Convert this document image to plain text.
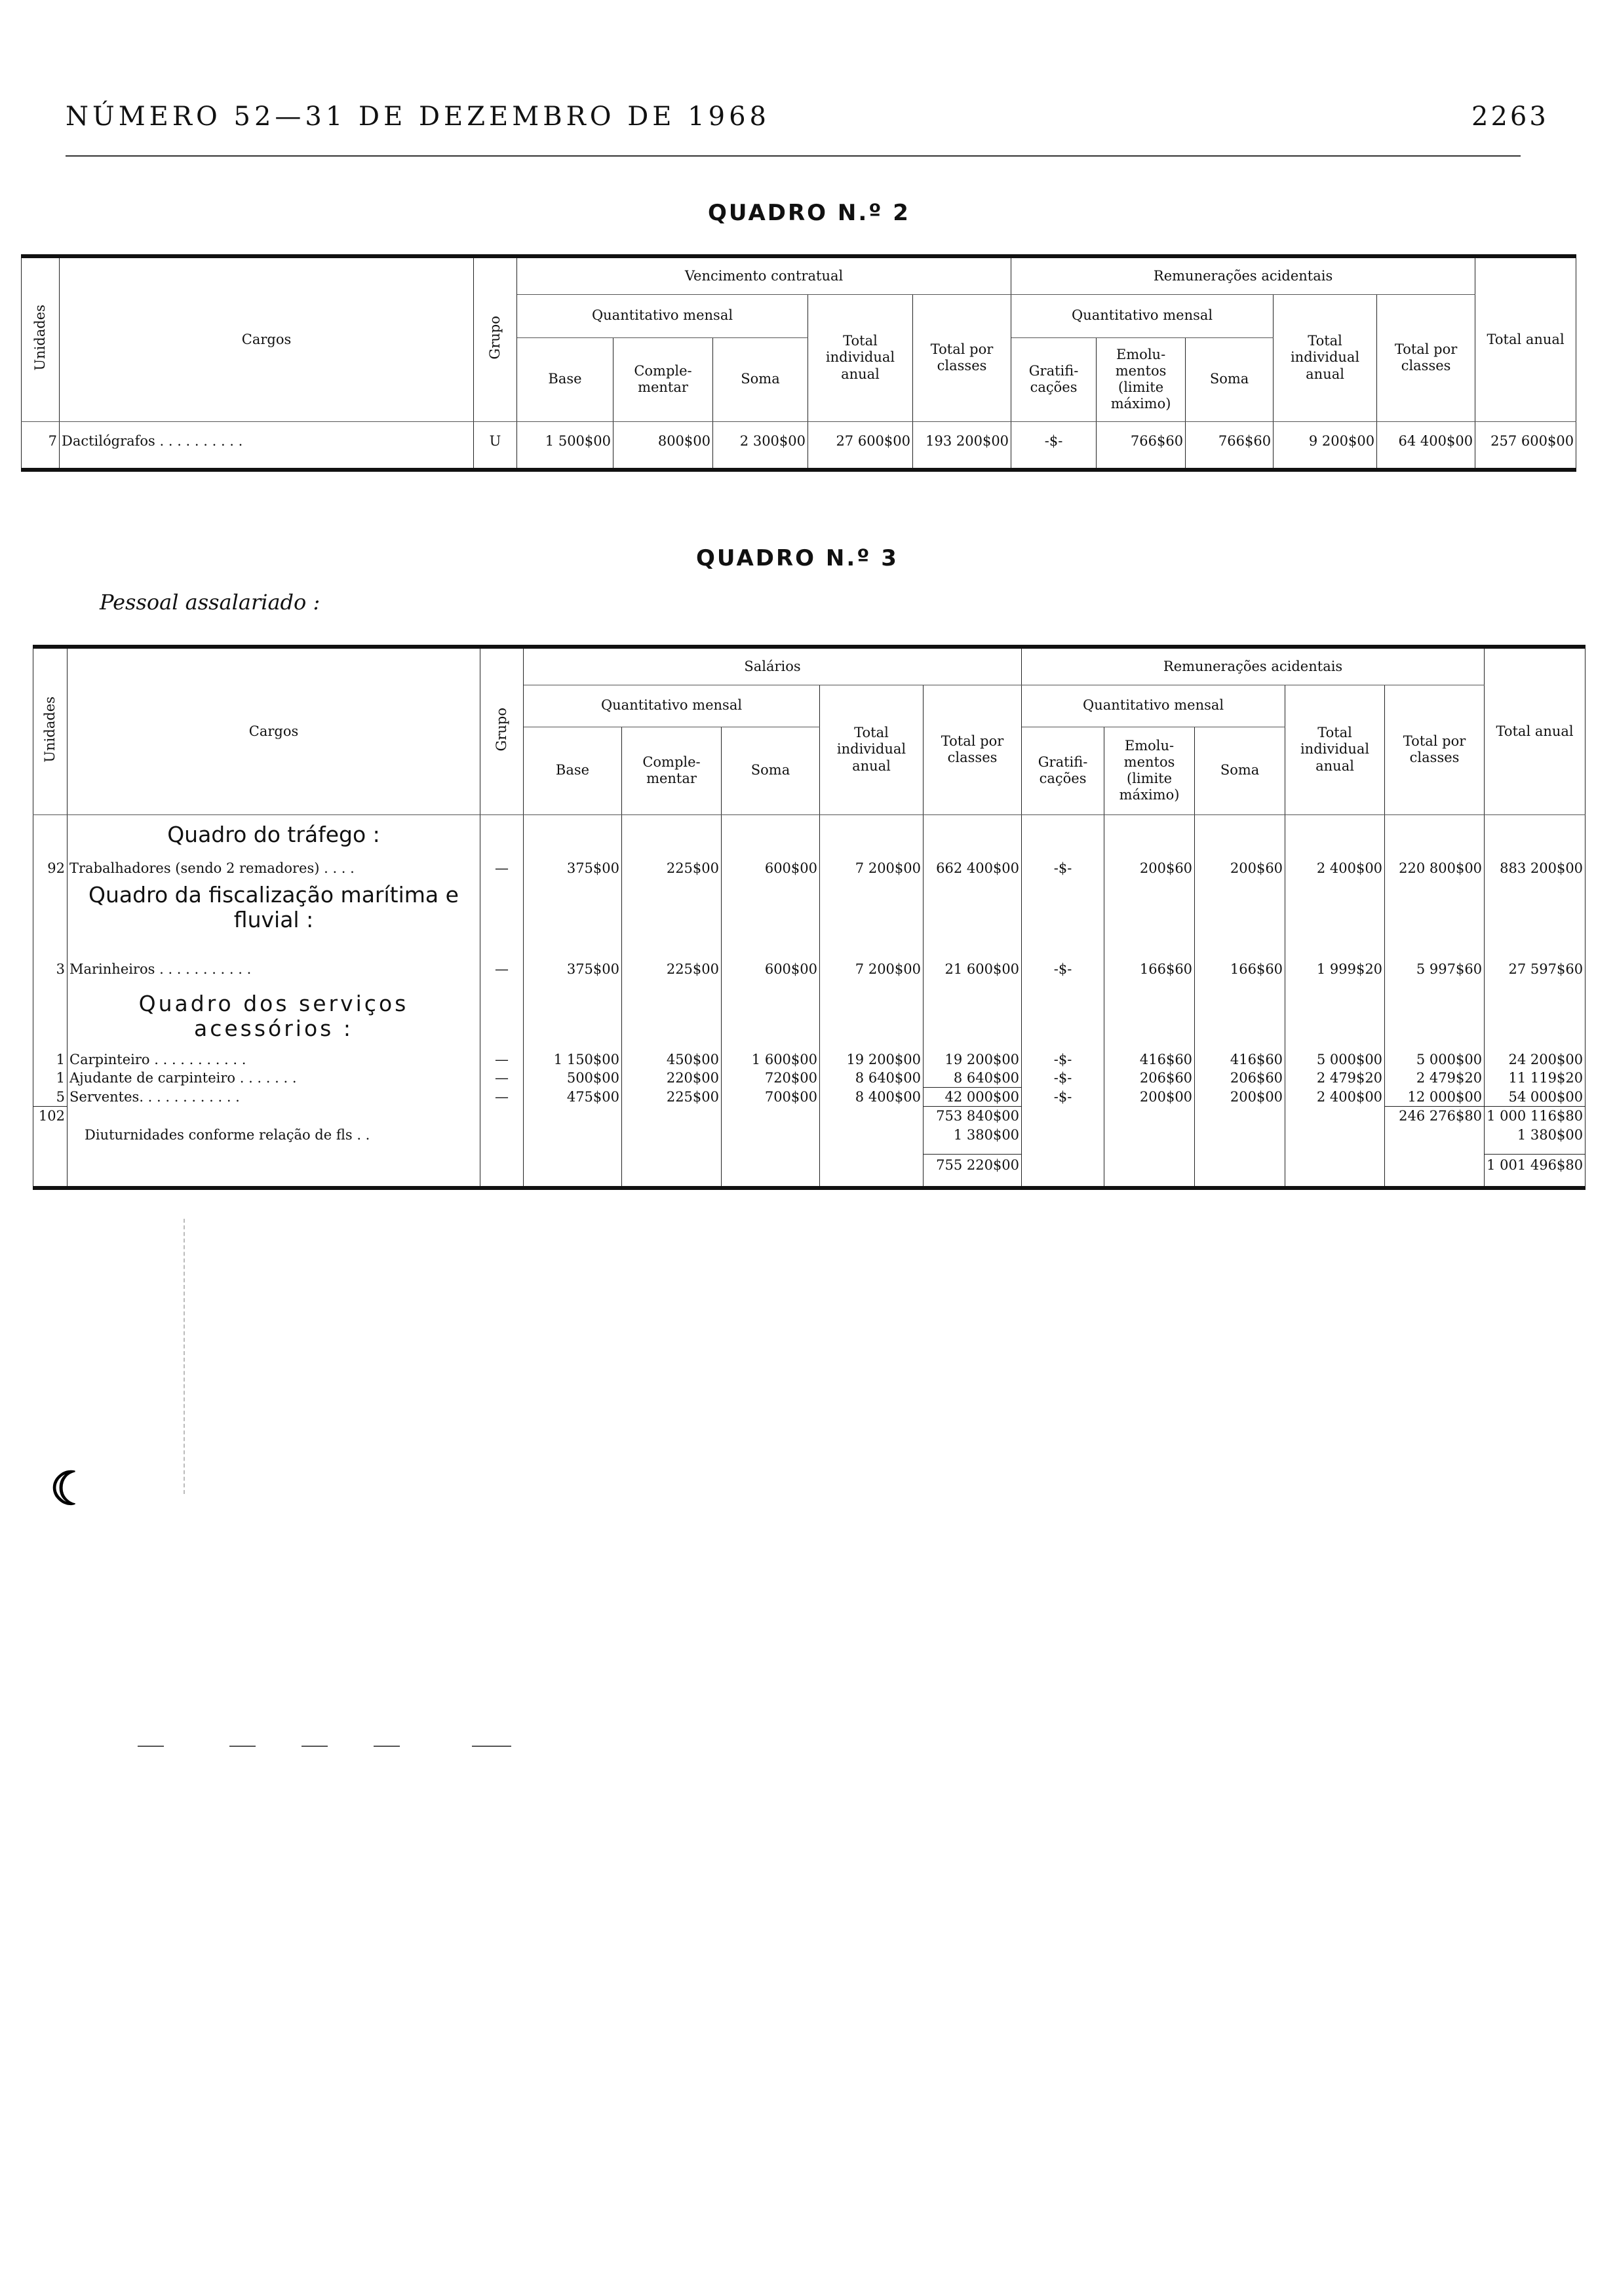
NÚMERO 52—31 DE DEZEMBRO DE 1968	2263
QUADRO N.º 2
Unidades	Cargos	Grupo	Vencimento contratual					Remunerações acidentais					Total anual
			Quantitativo mensal			Total individual anual	Total por classes	Quantitativo mensal			Total individual anual	Total por classes	
			Base	Comple-mentar	Soma			Gratifi-cações	Emolu-mentos (limite máximo)	Soma			
7	Dactilógrafos . . . . . . . . . .	U	1 500$00	800$00	2 300$00	27 600$00	193 200$00	-$-	766$60	766$60	9 200$00	64 400$00	257 600$00

QUADRO N.º 3
Pessoal assalariado :
Unidades	Cargos	Grupo	Salários					Remunerações acidentais					Total anual
			Quantitativo mensal			Total individual anual	Total por classes	Quantitativo mensal			Total individual anual	Total por classes	
			Base	Comple-mentar	Soma			Gratifi-cações	Emolu-mentos (limite máximo)	Soma			
	Quadro do tráfego :												
92	Trabalhadores (sendo 2 remadores) . . . .	—	375$00	225$00	600$00	7 200$00	662 400$00	-$-	200$60	200$60	2 400$00	220 800$00	883 200$00
	Quadro da fiscalização marítima e fluvial :												
3	Marinheiros . . . . . . . . . . .	—	375$00	225$00	600$00	7 200$00	21 600$00	-$-	166$60	166$60	1 999$20	5 997$60	27 597$60
	Quadro dos serviços acessórios :												
1	Carpinteiro . . . . . . . . . . .	—	1 150$00	450$00	1 600$00	19 200$00	19 200$00	-$-	416$60	416$60	5 000$00	5 000$00	24 200$00
1	Ajudante de carpinteiro . . . . . . .	—	500$00	220$00	720$00	8 640$00	8 640$00	-$-	206$60	206$60	2 479$20	2 479$20	11 119$20
5	Serventes. . . . . . . . . . . .	—	475$00	225$00	700$00	8 400$00	42 000$00	-$-	200$00	200$00	2 400$00	12 000$00	54 000$00
102							753 840$00					246 276$80	1 000 116$80
	Diuturnidades conforme relação de fls . .						1 380$00						1 380$00

							755 220$00						1 001 496$80

☾
